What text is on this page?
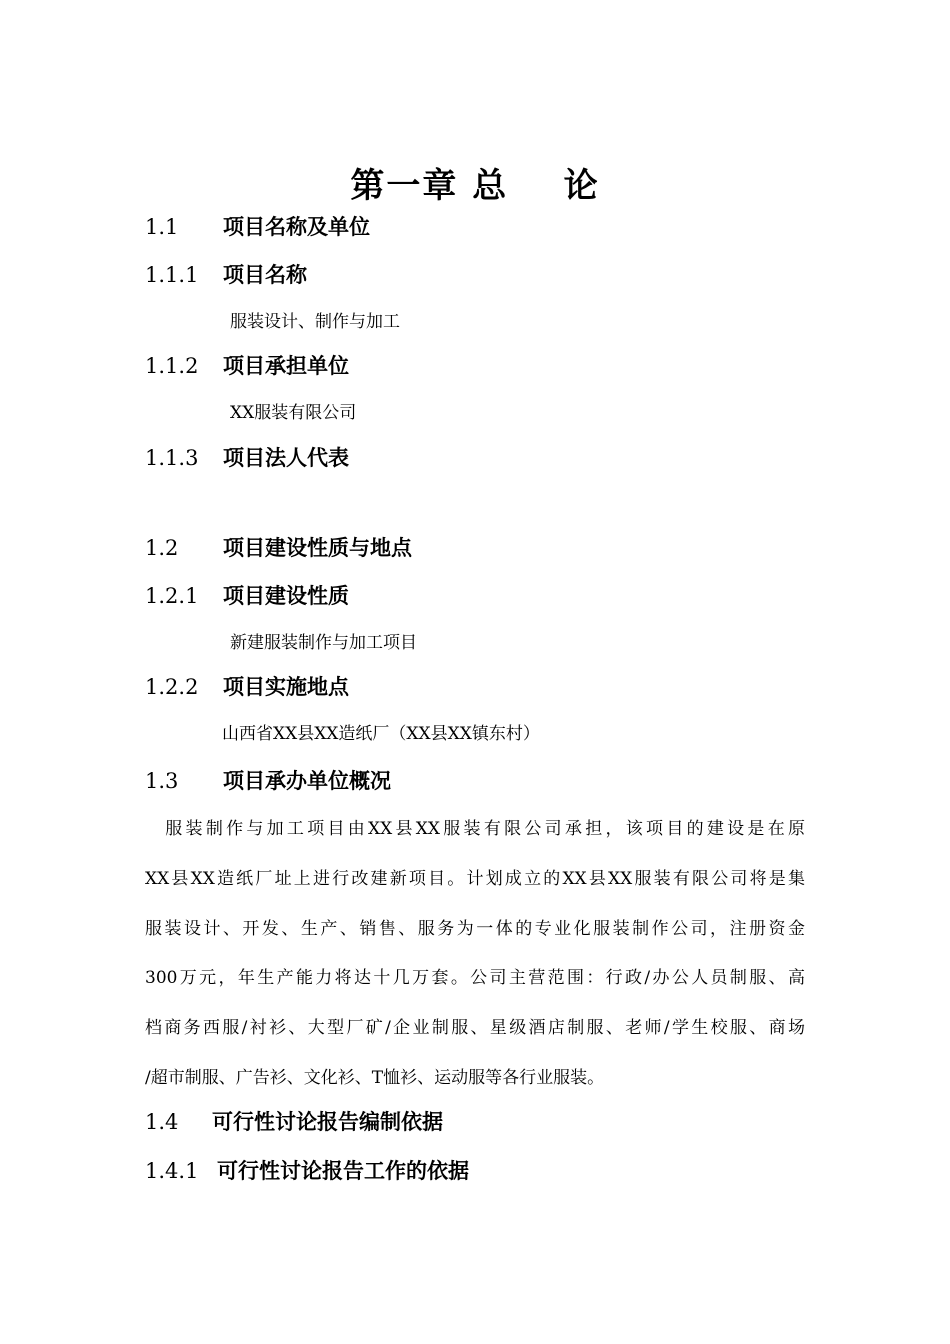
第一章 总    论
1.1 项目名称及单位
1.1.1 项目名称
服装设计、制作与加工
1.1.2 项目承担单位
XX服装有限公司
1.1.3 项目法人代表
1.2 项目建设性质与地点
1.2.1 项目建设性质
新建服装制作与加工项目
1.2.2 项目实施地点
山西省XX县XX造纸厂（XX县XX镇东村）
1.3 项目承办单位概况
　服装制作与加工项目由XX县XX服装有限公司承担，该项目的建设是在原
XX县XX造纸厂址上进行改建新项目。计划成立的XX县XX服装有限公司将是集
服装设计、开发、生产、销售、服务为一体的专业化服装制作公司，注册资金
300万元，年生产能力将达十几万套。公司主营范围：行政/办公人员制服、高
档商务西服/衬衫、大型厂矿/企业制服、星级酒店制服、老师/学生校服、商场
/超市制服、广告衫、文化衫、T恤衫、运动服等各行业服装。
1.4 可行性讨论报告编制依据
1.4.1 可行性讨论报告工作的依据
